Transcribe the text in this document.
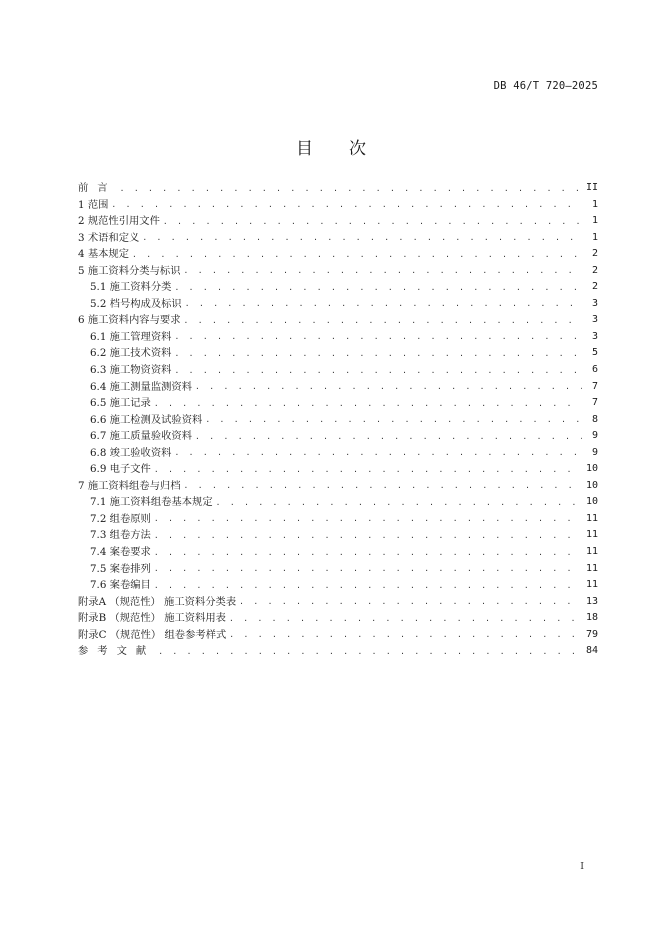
DB 46/T 720—2025
目次
前言 . . .	II
1 范围 . . .	1
2 规范性引用文件 . . .	1
3 术语和定义 . . .	1
4 基本规定 . . .	2
5 施工资料分类与标识 . . .	2
5.1 施工资料分类 . . .	2
5.2 档号构成及标识 . . .	3
6 施工资料内容与要求 . . .	3
6.1 施工管理资料 . . .	3
6.2 施工技术资料 . . .	5
6.3 施工物资资料 . . .	6
6.4 施工测量监测资料 . . .	7
6.5 施工记录 . . .	7
6.6 施工检测及试验资料 . . .	8
6.7 施工质量验收资料 . . .	9
6.8 竣工验收资料 . . .	9
6.9 电子文件 . . .	10
7 施工资料组卷与归档 . . .	10
7.1 施工资料组卷基本规定 . . .	10
7.2 组卷原则 . . .	11
7.3 组卷方法 . . .	11
7.4 案卷要求 . . .	11
7.5 案卷排列 . . .	11
7.6 案卷编目 . . .	11
附录A （规范性） 施工资料分类表 . . .	13
附录B （规范性） 施工资料用表 . . .	18
附录C （规范性） 组卷参考样式 . . .	79
参考文献 . . .	84
I
